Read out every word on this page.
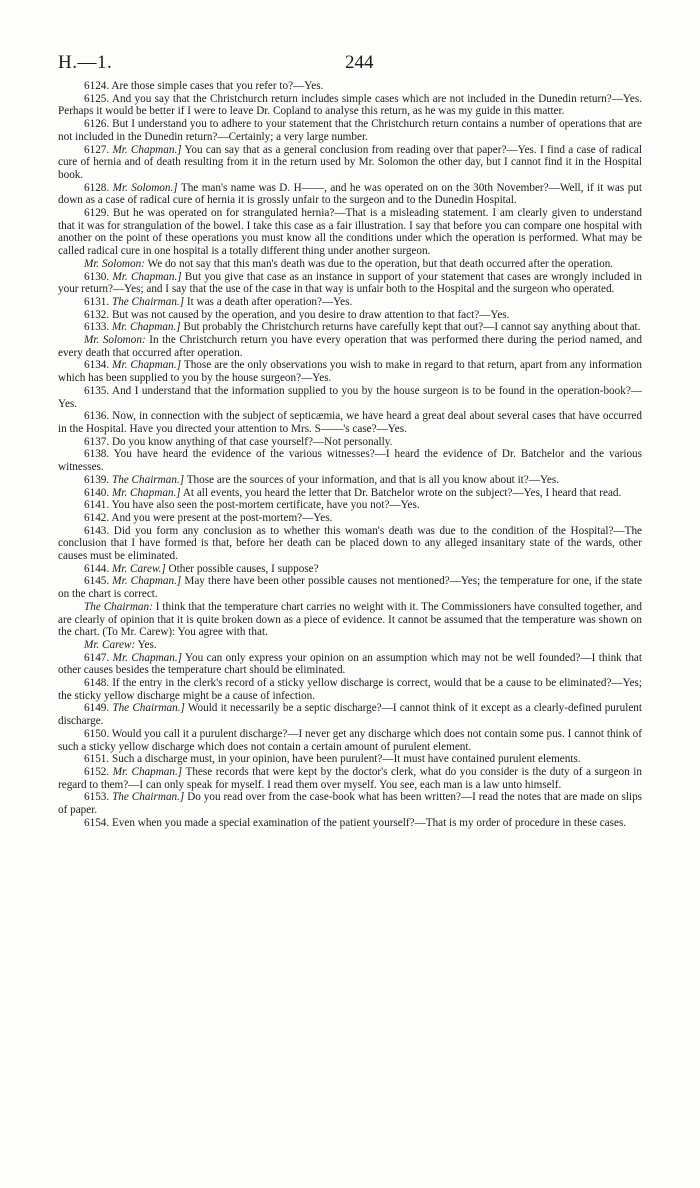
H.—1.	244

6124. Are those simple cases that you refer to?—Yes.

6125. And you say that the Christchurch return includes simple cases which are not included in the Dunedin return?—Yes. Perhaps it would be better if I were to leave Dr. Copland to analyse this return, as he was my guide in this matter.

6126. But I understand you to adhere to your statement that the Christchurch return contains a number of operations that are not included in the Dunedin return?—Certainly; a very large number.

6127. Mr. Chapman.] You can say that as a general conclusion from reading over that paper?—Yes. I find a case of radical cure of hernia and of death resulting from it in the return used by Mr. Solomon the other day, but I cannot find it in the Hospital book.

6128. Mr. Solomon.] The man's name was D. H——, and he was operated on on the 30th November?—Well, if it was put down as a case of radical cure of hernia it is grossly unfair to the surgeon and to the Dunedin Hospital.

6129. But he was operated on for strangulated hernia?—That is a misleading statement. I am clearly given to understand that it was for strangulation of the bowel. I take this case as a fair illustration. I say that before you can compare one hospital with another on the point of these operations you must know all the conditions under which the operation is performed. What may be called radical cure in one hospital is a totally different thing under another surgeon.

Mr. Solomon: We do not say that this man's death was due to the operation, but that death occurred after the operation.

6130. Mr. Chapman.] But you give that case as an instance in support of your statement that cases are wrongly included in your return?—Yes; and I say that the use of the case in that way is unfair both to the Hospital and the surgeon who operated.

6131. The Chairman.] It was a death after operation?—Yes.

6132. But was not caused by the operation, and you desire to draw attention to that fact?—Yes.

6133. Mr. Chapman.] But probably the Christchurch returns have carefully kept that out?—I cannot say anything about that.

Mr. Solomon: In the Christchurch return you have every operation that was performed there during the period named, and every death that occurred after operation.

6134. Mr. Chapman.] Those are the only observations you wish to make in regard to that return, apart from any information which has been supplied to you by the house surgeon?—Yes.

6135. And I understand that the information supplied to you by the house surgeon is to be found in the operation-book?—Yes.

6136. Now, in connection with the subject of septicæmia, we have heard a great deal about several cases that have occurred in the Hospital. Have you directed your attention to Mrs. S——'s case?—Yes.

6137. Do you know anything of that case yourself?—Not personally.

6138. You have heard the evidence of the various witnesses?—I heard the evidence of Dr. Batchelor and the various witnesses.

6139. The Chairman.] Those are the sources of your information, and that is all you know about it?—Yes.

6140. Mr. Chapman.] At all events, you heard the letter that Dr. Batchelor wrote on the subject?—Yes, I heard that read.

6141. You have also seen the post-mortem certificate, have you not?—Yes.

6142. And you were present at the post-mortem?—Yes.

6143. Did you form any conclusion as to whether this woman's death was due to the condition of the Hospital?—The conclusion that I have formed is that, before her death can be placed down to any alleged insanitary state of the wards, other causes must be eliminated.

6144. Mr. Carew.] Other possible causes, I suppose?

6145. Mr. Chapman.] May there have been other possible causes not mentioned?—Yes; the temperature for one, if the state on the chart is correct.

The Chairman: I think that the temperature chart carries no weight with it. The Commissioners have consulted together, and are clearly of opinion that it is quite broken down as a piece of evidence. It cannot be assumed that the temperature was shown on the chart. (To Mr. Carew): You agree with that.

Mr. Carew: Yes.

6147. Mr. Chapman.] You can only express your opinion on an assumption which may not be well founded?—I think that other causes besides the temperature chart should be eliminated.

6148. If the entry in the clerk's record of a sticky yellow discharge is correct, would that be a cause to be eliminated?—Yes; the sticky yellow discharge might be a cause of infection.

6149. The Chairman.] Would it necessarily be a septic discharge?—I cannot think of it except as a clearly-defined purulent discharge.

6150. Would you call it a purulent discharge?—I never get any discharge which does not contain some pus. I cannot think of such a sticky yellow discharge which does not contain a certain amount of purulent element.

6151. Such a discharge must, in your opinion, have been purulent?—It must have contained purulent elements.

6152. Mr. Chapman.] These records that were kept by the doctor's clerk, what do you consider is the duty of a surgeon in regard to them?—I can only speak for myself. I read them over myself. You see, each man is a law unto himself.

6153. The Chairman.] Do you read over from the case-book what has been written?—I read the notes that are made on slips of paper.

6154. Even when you made a special examination of the patient yourself?—That is my order of procedure in these cases.
